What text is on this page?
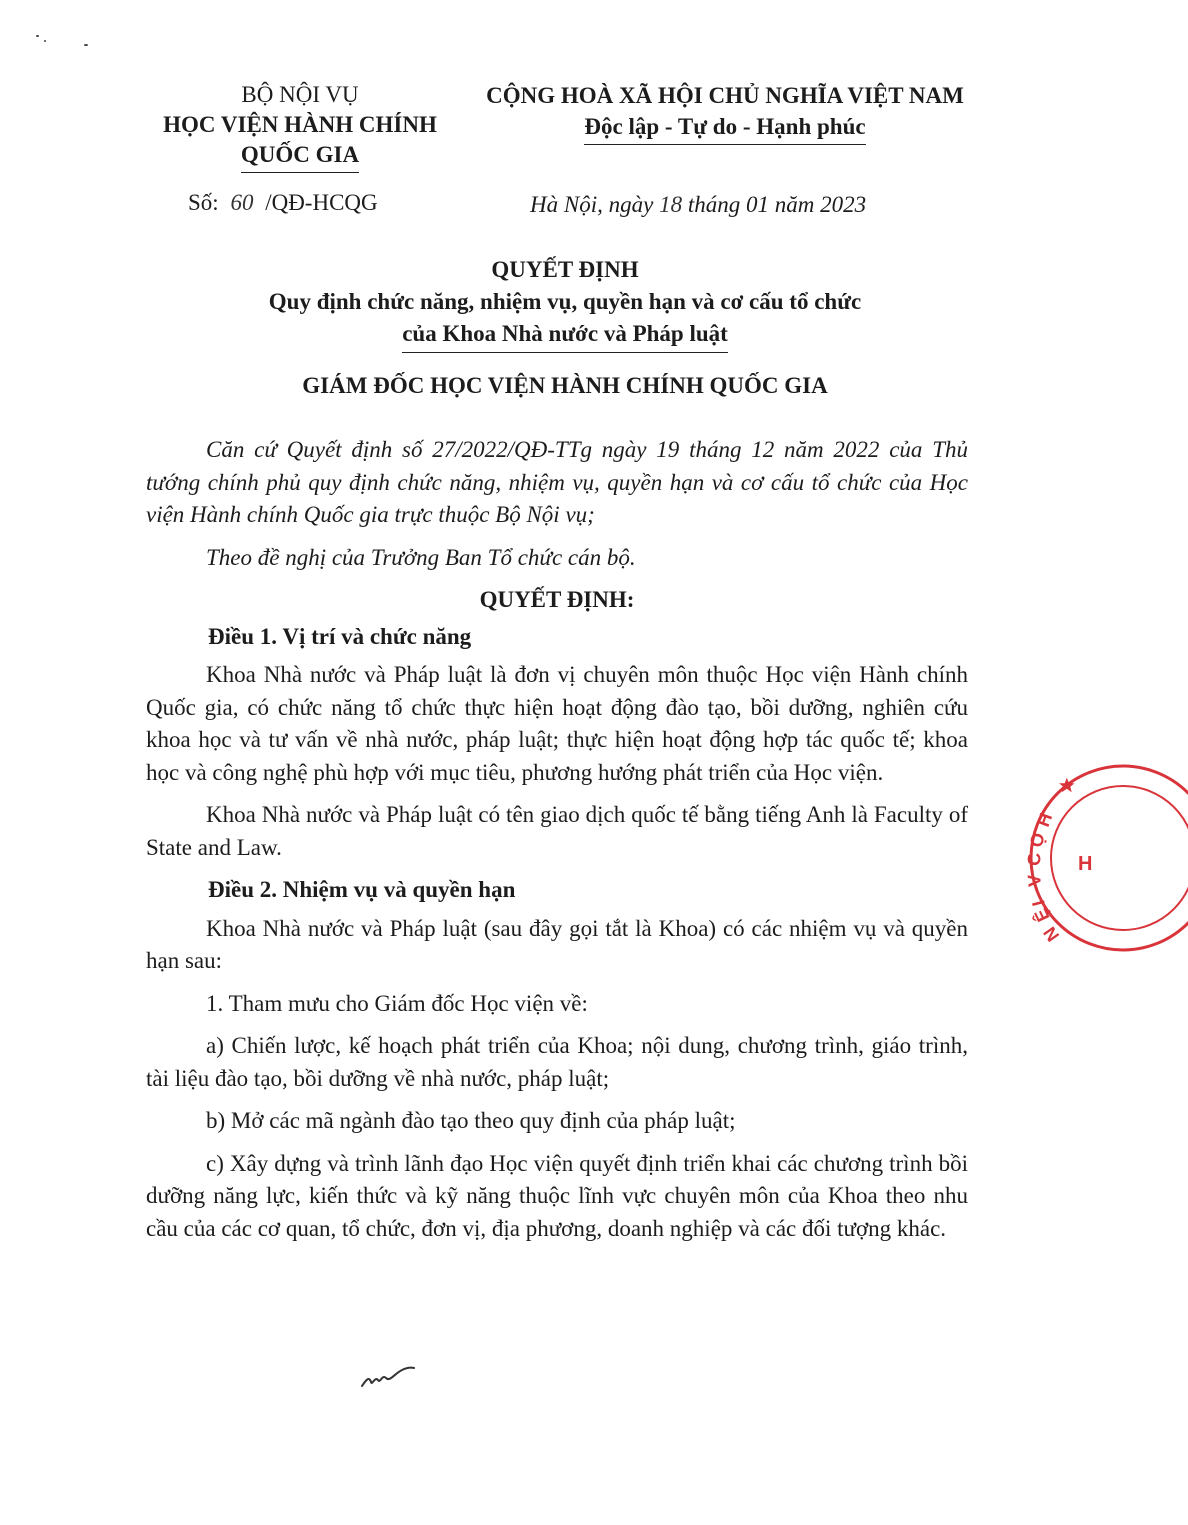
BỘ NỘI VỤ
HỌC VIỆN HÀNH CHÍNH
QUỐC GIA
CỘNG HOÀ XÃ HỘI CHỦ NGHĨA VIỆT NAM
Độc lập - Tự do - Hạnh phúc
Số: 60 /QĐ-HCQG	Hà Nội, ngày 18 tháng 01 năm 2023
QUYẾT ĐỊNH
Quy định chức năng, nhiệm vụ, quyền hạn và cơ cấu tổ chức
của Khoa Nhà nước và Pháp luật
GIÁM ĐỐC HỌC VIỆN HÀNH CHÍNH QUỐC GIA

Căn cứ Quyết định số 27/2022/QĐ-TTg ngày 19 tháng 12 năm 2022 của Thủ tướng chính phủ quy định chức năng, nhiệm vụ, quyền hạn và cơ cấu tổ chức của Học viện Hành chính Quốc gia trực thuộc Bộ Nội vụ;

Theo đề nghị của Trưởng Ban Tổ chức cán bộ.

QUYẾT ĐỊNH:
Điều 1. Vị trí và chức năng

Khoa Nhà nước và Pháp luật là đơn vị chuyên môn thuộc Học viện Hành chính Quốc gia, có chức năng tổ chức thực hiện hoạt động đào tạo, bồi dưỡng, nghiên cứu khoa học và tư vấn về nhà nước, pháp luật; thực hiện hoạt động hợp tác quốc tế; khoa học và công nghệ phù hợp với mục tiêu, phương hướng phát triển của Học viện.

Khoa Nhà nước và Pháp luật có tên giao dịch quốc tế bằng tiếng Anh là Faculty of State and Law.

Điều 2. Nhiệm vụ và quyền hạn

Khoa Nhà nước và Pháp luật (sau đây gọi tắt là Khoa) có các nhiệm vụ và quyền hạn sau:

1. Tham mưu cho Giám đốc Học viện về:

a) Chiến lược, kế hoạch phát triển của Khoa; nội dung, chương trình, giáo trình, tài liệu đào tạo, bồi dưỡng về nhà nước, pháp luật;

b) Mở các mã ngành đào tạo theo quy định của pháp luật;

c) Xây dựng và trình lãnh đạo Học viện quyết định triển khai các chương trình bồi dưỡng năng lực, kiến thức và kỹ năng thuộc lĩnh vực chuyên môn của Khoa theo nhu cầu của các cơ quan, tổ chức, đơn vị, địa phương, doanh nghiệp và các đối tượng khác.

H
Ọ
C
V
I
Ệ
N
H
